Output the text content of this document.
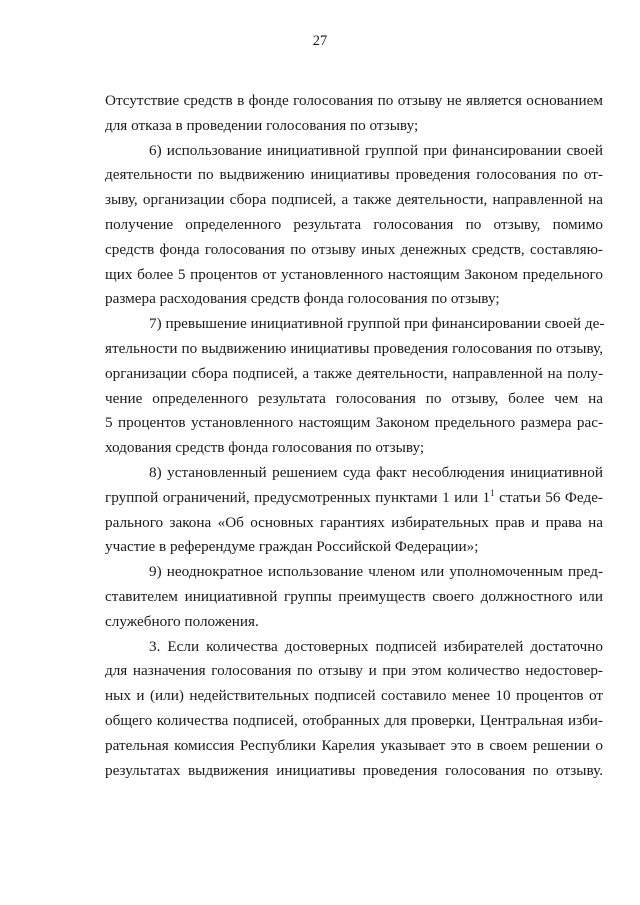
27
Отсутствие средств в фонде голосования по отзыву не является основанием
для отказа в проведении голосования по отзыву;
6) использование инициативной группой при финансировании своей
деятельности по выдвижению инициативы проведения голосования по от-
зыву, организации сбора подписей, а также деятельности, направленной на
получение определенного результата голосования по отзыву, помимо
средств фонда голосования по отзыву иных денежных средств, составляю-
щих более 5 процентов от установленного настоящим Законом предельного
размера расходования средств фонда голосования по отзыву;
7) превышение инициативной группой при финансировании своей де-
ятельности по выдвижению инициативы проведения голосования по отзыву,
организации сбора подписей, а также деятельности, направленной на полу-
чение определенного результата голосования по отзыву, более чем на
5 процентов установленного настоящим Законом предельного размера рас-
ходования средств фонда голосования по отзыву;
8) установленный решением суда факт несоблюдения инициативной
группой ограничений, предусмотренных пунктами 1 или $1^1$ статьи 56 Феде-
рального закона «Об основных гарантиях избирательных прав и права на
участие в референдуме граждан Российской Федерации»;
9) неоднократное использование членом или уполномоченным пред-
ставителем инициативной группы преимуществ своего должностного или
служебного положения.
3. Если количества достоверных подписей избирателей достаточно
для назначения голосования по отзыву и при этом количество недостовер-
ных и (или) недействительных подписей составило менее 10 процентов от
общего количества подписей, отобранных для проверки, Центральная изби-
рательная комиссия Республики Карелия указывает это в своем решении о
результатах выдвижения инициативы проведения голосования по отзыву.
